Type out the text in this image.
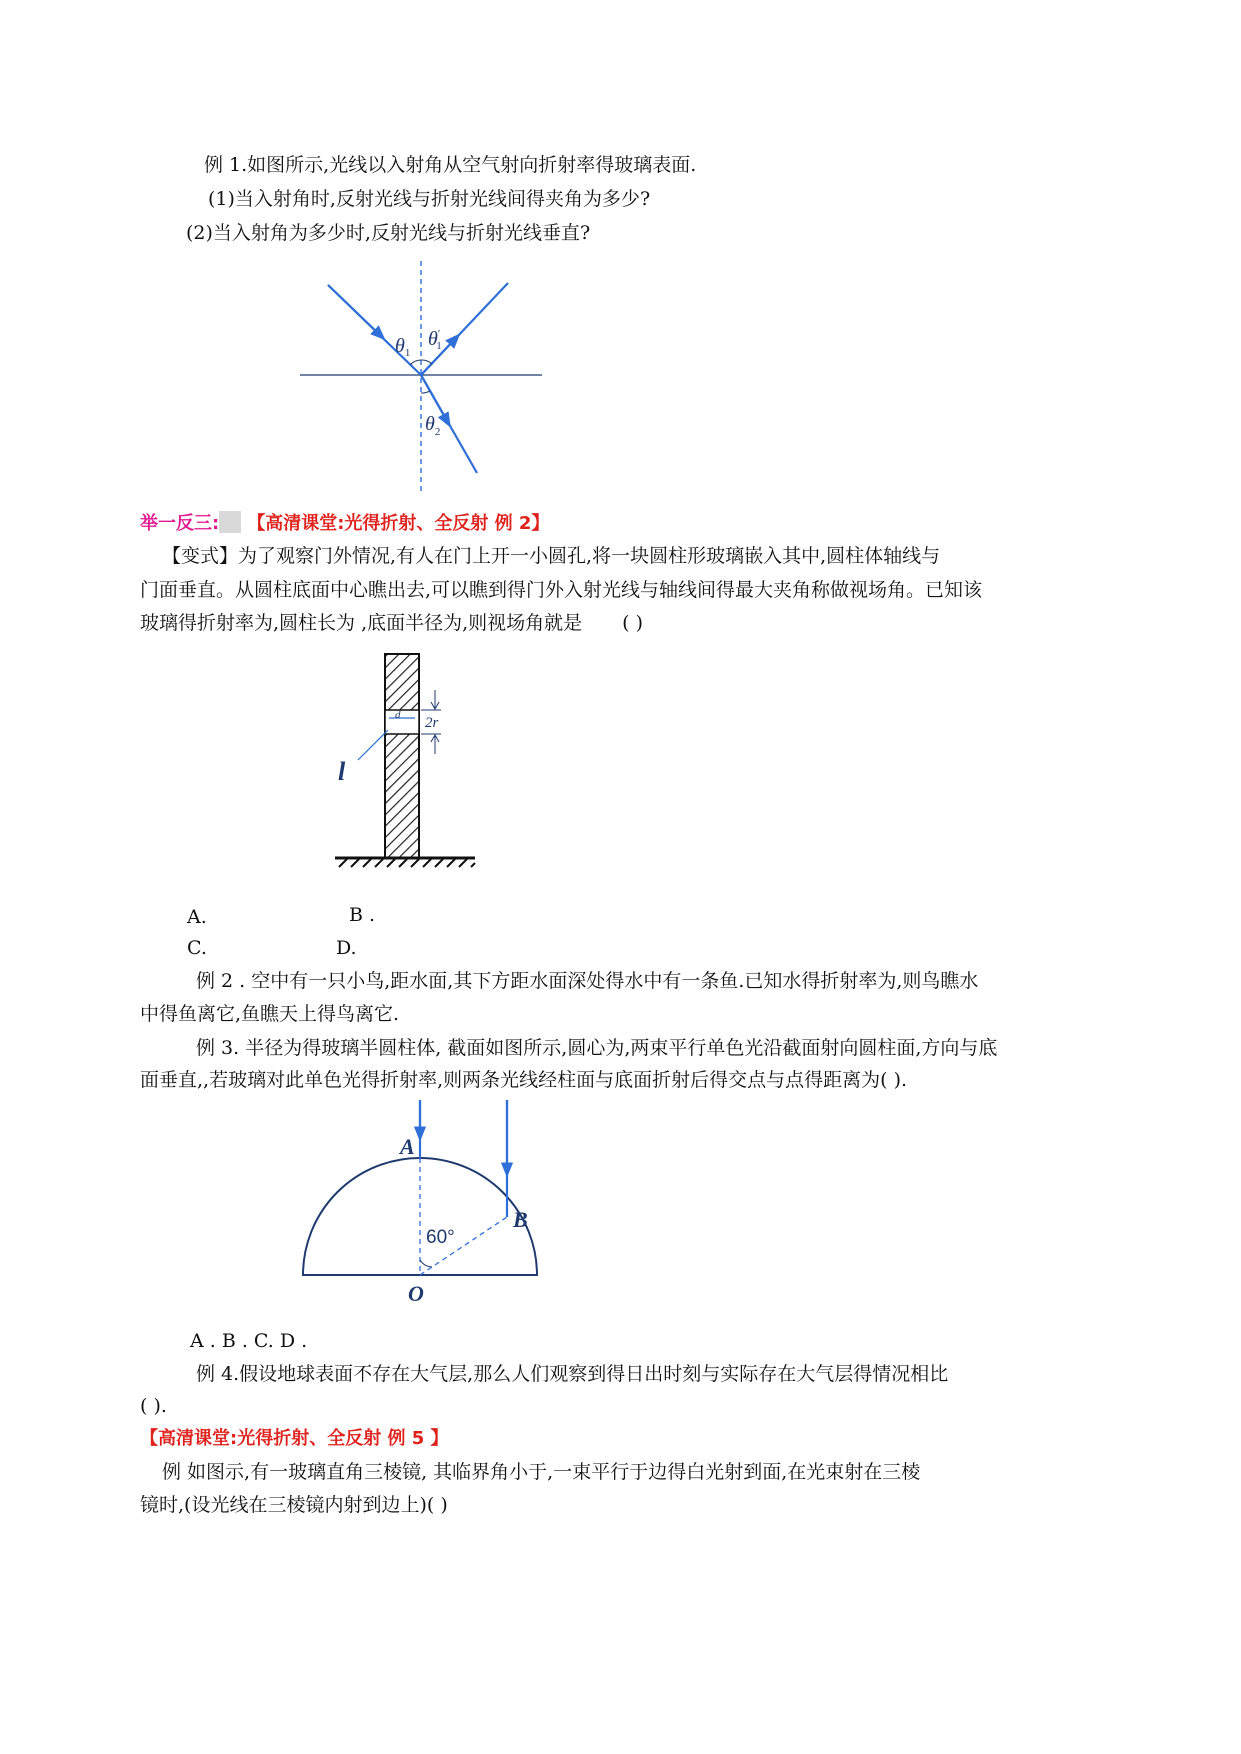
例 1.如图所示,光线以入射角从空气射向折射率得玻璃表面.
(1)当入射角时,反射光线与折射光线间得夹角为多少?
(2)当入射角为多少时,反射光线与折射光线垂直?
$\theta_1$
θ′ 1
$\theta_2$
举一反三: 【高清课堂:光得折射、全反射 例 2】
【变式】为了观察门外情况,有人在门上开一小圆孔,将一块圆柱形玻璃嵌入其中,圆柱体轴线与
门面垂直。从圆柱底面中心瞧出去,可以瞧到得门外入射光线与轴线间得最大夹角称做视场角。已知该
玻璃得折射率为,圆柱长为 ,底面半径为,则视场角就是 ( )
d 2r
l
A.	B .
C.	D.
例 2 . 空中有一只小鸟,距水面,其下方距水面深处得水中有一条鱼.已知水得折射率为,则鸟瞧水
中得鱼离它,鱼瞧天上得鸟离它.
例 3. 半径为得玻璃半圆柱体, 截面如图所示,圆心为,两束平行单色光沿截面射向圆柱面,方向与底
面垂直,,若玻璃对此单色光得折射率,则两条光线经柱面与底面折射后得交点与点得距离为( ).
A
B
O
60°
A . B . C. D .
例 4.假设地球表面不存在大气层,那么人们观察到得日出时刻与实际存在大气层得情况相比
( ).
【高清课堂:光得折射、全反射 例 5 】
例 如图示,有一玻璃直角三棱镜, 其临界角小于,一束平行于边得白光射到面,在光束射在三棱
镜时,(设光线在三棱镜内射到边上)( )
